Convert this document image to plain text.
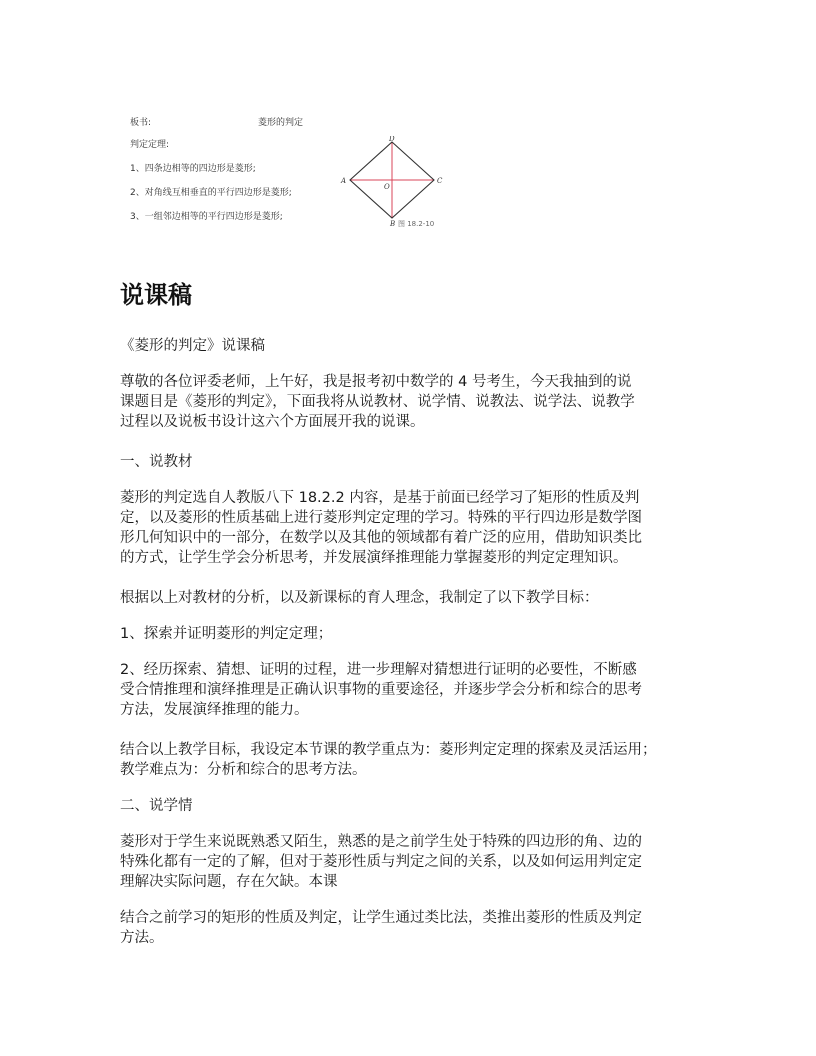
板书:	菱形的判定
判定定理:
1、四条边相等的四边形是菱形;
2、对角线互相垂直的平行四边形是菱形;
3、一组邻边相等的平行四边形是菱形;
D
A	C
B
O
图 18.2-10
说课稿
《菱形的判定》说课稿
尊敬的各位评委老师，上午好，我是报考初中数学的 4 号考生，今天我抽到的说
课题目是《菱形的判定》，下面我将从说教材、说学情、说教法、说学法、说教学
过程以及说板书设计这六个方面展开我的说课。
一、说教材
菱形的判定选自人教版八下 18.2.2 内容，是基于前面已经学习了矩形的性质及判
定，以及菱形的性质基础上进行菱形判定定理的学习。特殊的平行四边形是数学图
形几何知识中的一部分，在数学以及其他的领域都有着广泛的应用，借助知识类比
的方式，让学生学会分析思考，并发展演绎推理能力掌握菱形的判定定理知识。
根据以上对教材的分析，以及新课标的育人理念，我制定了以下教学目标：
1、探索并证明菱形的判定定理；
2、经历探索、猜想、证明的过程，进一步理解对猜想进行证明的必要性，不断感
受合情推理和演绎推理是正确认识事物的重要途径，并逐步学会分析和综合的思考
方法，发展演绎推理的能力。
结合以上教学目标，我设定本节课的教学重点为：菱形判定定理的探索及灵活运用；
教学难点为：分析和综合的思考方法。
二、说学情
菱形对于学生来说既熟悉又陌生，熟悉的是之前学生处于特殊的四边形的角、边的
特殊化都有一定的了解，但对于菱形性质与判定之间的关系，以及如何运用判定定
理解决实际问题，存在欠缺。本课
结合之前学习的矩形的性质及判定，让学生通过类比法，类推出菱形的性质及判定
方法。
